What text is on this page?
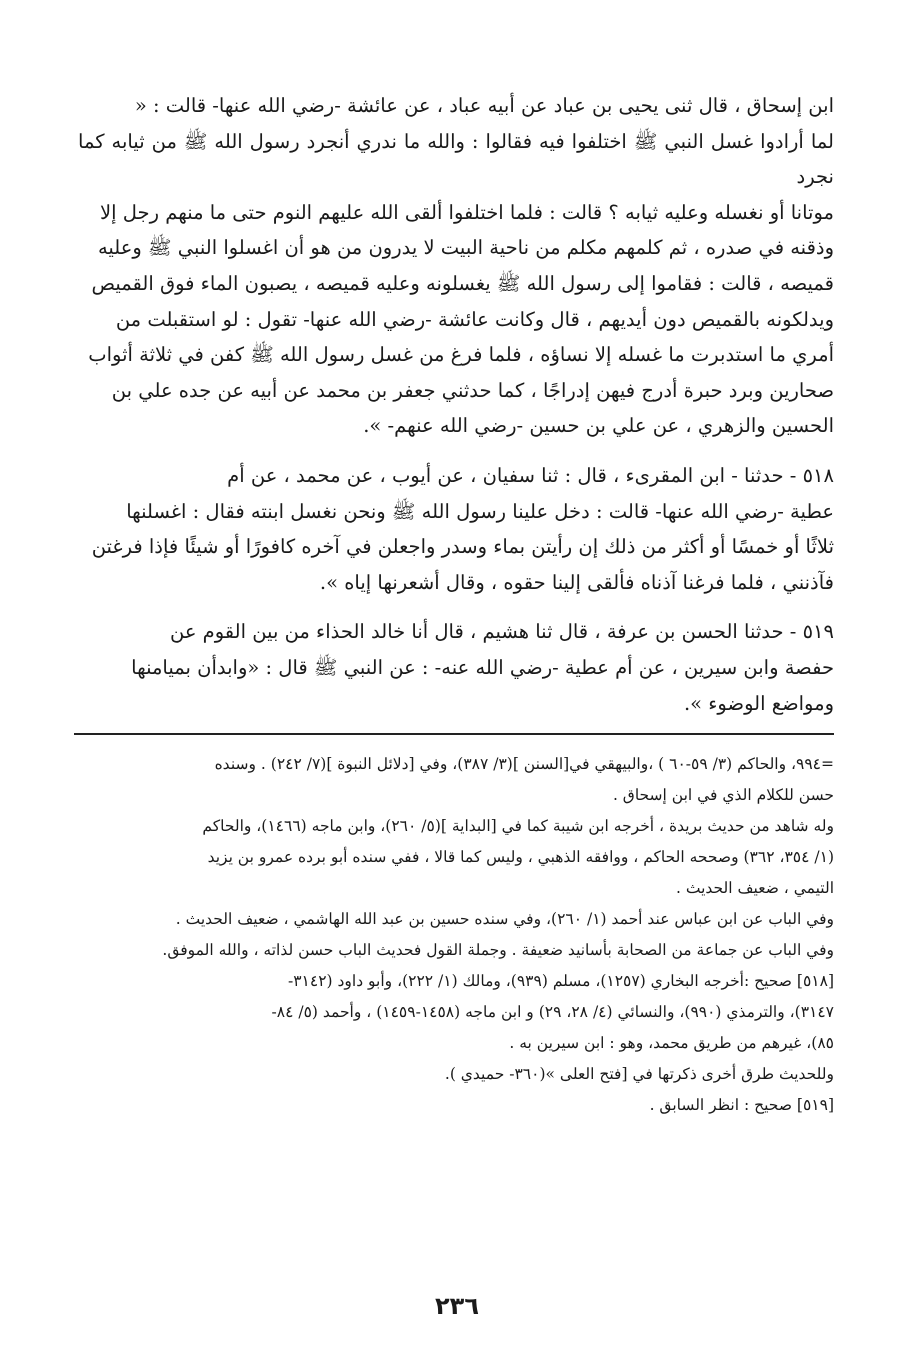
ابن إسحاق ، قال ثنى يحيى بن عباد عن أبيه عباد ، عن عائشة -رضي الله عنها- قالت : «
لما أرادوا غسل النبي ﷺ اختلفوا فيه فقالوا : والله ما ندري أنجرد رسول الله ﷺ من ثيابه كما نجرد
موتانا أو نغسله وعليه ثيابه ؟ قالت : فلما اختلفوا ألقى الله عليهم النوم حتى ما منهم رجل إلا
وذقنه في صدره ، ثم كلمهم مكلم من ناحية البيت لا يدرون من هو أن اغسلوا النبي ﷺ وعليه
قميصه ، قالت : فقاموا إلى رسول الله ﷺ يغسلونه وعليه قميصه ، يصبون الماء فوق القميص
ويدلكونه بالقميص دون أيديهم ، قال وكانت عائشة -رضي الله عنها- تقول : لو استقبلت من
أمري ما استدبرت ما غسله إلا نساؤه ، فلما فرغ من غسل رسول الله ﷺ كفن في ثلاثة أثواب
صحارين وبرد حبرة أدرج فيهن إدراجًا ، كما حدثني جعفر بن محمد عن أبيه عن جده علي بن
الحسين والزهري ، عن علي بن حسين -رضي الله عنهم- ».

٥١٨ - حدثنا - ابن المقرىء ، قال : ثنا سفيان ، عن أيوب ، عن محمد ، عن أم
عطية -رضي الله عنها- قالت : دخل علينا رسول الله ﷺ ونحن نغسل ابنته فقال : اغسلنها
ثلاثًا أو خمسًا أو أكثر من ذلك إن رأيتن بماء وسدر واجعلن في آخره كافورًا أو شيئًا فإذا فرغتن
فآذنني ، فلما فرغنا آذناه فألقى إلينا حقوه ، وقال أشعرنها إياه ».

٥١٩ - حدثنا الحسن بن عرفة ، قال ثنا هشيم ، قال أنا خالد الحذاء من بين القوم عن
حفصة وابن سيرين ، عن أم عطية -رضي الله عنه- : عن النبي ﷺ قال : «وابدأن بميامنها
ومواضع الوضوء ».

=٩٩٤، والحاكم (٣/ ٥٩-٦٠ ) ،والبيهقي في[السنن ](٣/ ٣٨٧)، وفي [دلائل النبوة ](٧/ ٢٤٢) . وسنده
حسن للكلام الذي في ابن إسحاق .

وله شاهد من حديث بريدة ، أخرجه ابن شيبة كما في [البداية ](٥/ ٢٦٠)، وابن ماجه (١٤٦٦)، والحاكم
(١/ ٣٥٤، ٣٦٢) وصححه الحاكم ، ووافقه الذهبي ، وليس كما قالا ، ففي سنده أبو برده عمرو بن يزيد
التيمي ، ضعيف الحديث .

وفي الباب عن ابن عباس عند أحمد (١/ ٢٦٠)، وفي سنده حسين بن عبد الله الهاشمي ، ضعيف الحديث .

وفي الباب عن جماعة من الصحابة بأسانيد ضعيفة . وجملة القول فحديث الباب حسن لذاته ، والله الموفق.

[٥١٨] صحيح :أخرجه البخاري (١٢٥٧)، مسلم (٩٣٩)، ومالك (١/ ٢٢٢)، وأبو داود (٣١٤٢-
٣١٤٧)، والترمذي (٩٩٠)، والنسائي (٤/ ٢٨، ٢٩) و ابن ماجه (١٤٥٨-١٤٥٩) ، وأحمد (٥/ ٨٤-
٨٥)، غيرهم من طريق محمد، وهو : ابن سيرين به .

وللحديث طرق أخرى ذكرتها في [فتح العلى »(٣٦٠- حميدي ).

[٥١٩] صحيح : انظر السابق .

٢٣٦
